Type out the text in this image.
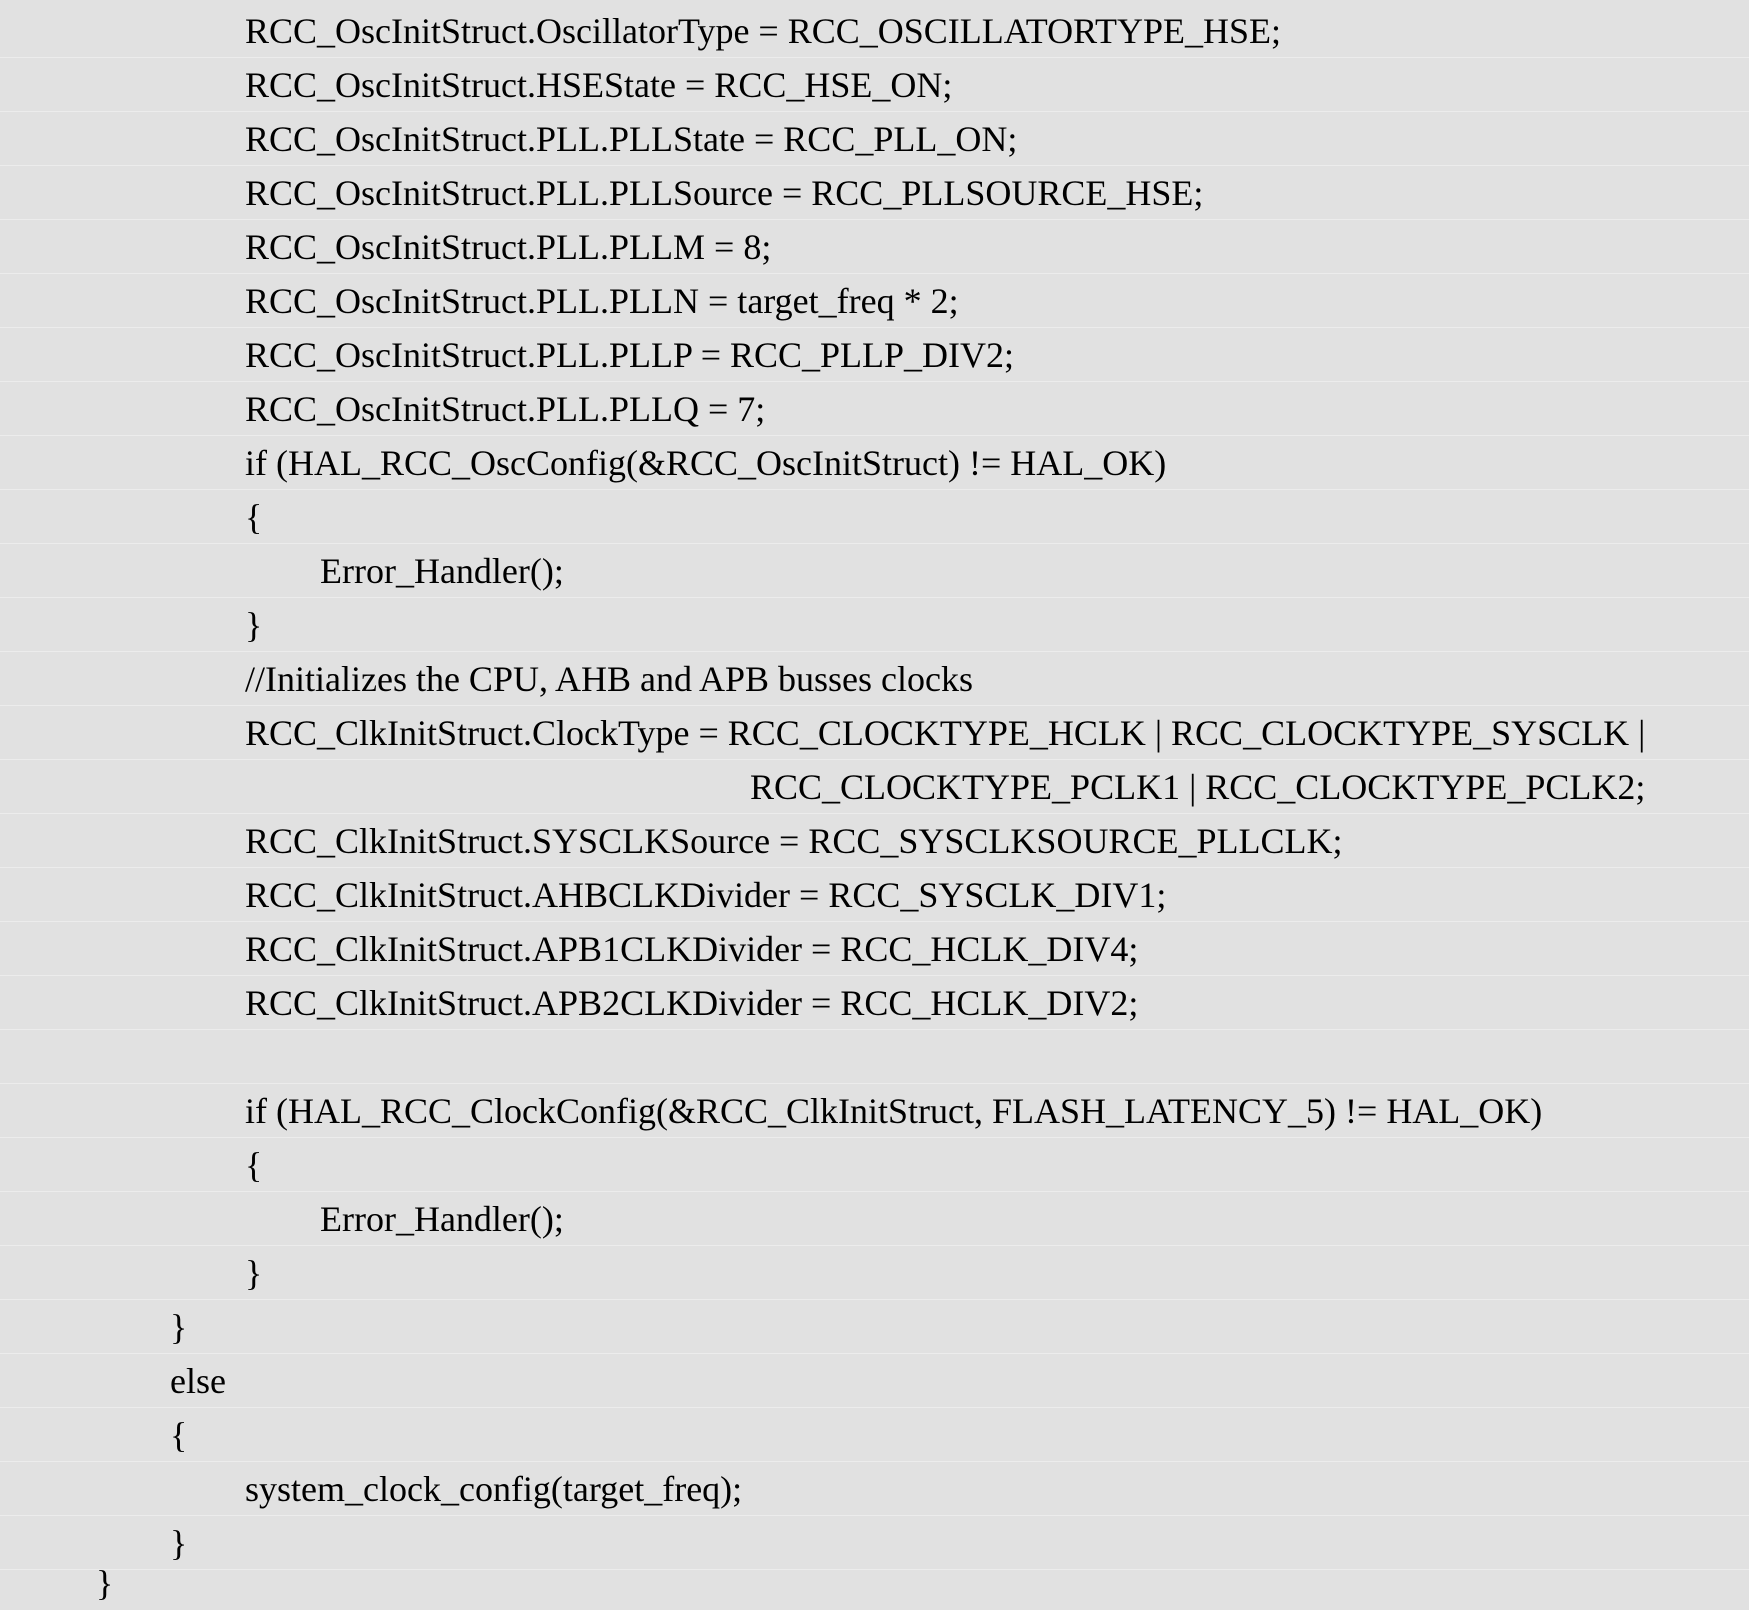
RCC_OscInitStruct.OscillatorType = RCC_OSCILLATORTYPE_HSE;
RCC_OscInitStruct.HSEState = RCC_HSE_ON;
RCC_OscInitStruct.PLL.PLLState = RCC_PLL_ON;
RCC_OscInitStruct.PLL.PLLSource = RCC_PLLSOURCE_HSE;
RCC_OscInitStruct.PLL.PLLM = 8;
RCC_OscInitStruct.PLL.PLLN = target_freq * 2;
RCC_OscInitStruct.PLL.PLLP = RCC_PLLP_DIV2;
RCC_OscInitStruct.PLL.PLLQ = 7;
if (HAL_RCC_OscConfig(&RCC_OscInitStruct) != HAL_OK)
{
Error_Handler();
}
//Initializes the CPU, AHB and APB busses clocks
RCC_ClkInitStruct.ClockType = RCC_CLOCKTYPE_HCLK | RCC_CLOCKTYPE_SYSCLK |
RCC_CLOCKTYPE_PCLK1 | RCC_CLOCKTYPE_PCLK2;
RCC_ClkInitStruct.SYSCLKSource = RCC_SYSCLKSOURCE_PLLCLK;
RCC_ClkInitStruct.AHBCLKDivider = RCC_SYSCLK_DIV1;
RCC_ClkInitStruct.APB1CLKDivider = RCC_HCLK_DIV4;
RCC_ClkInitStruct.APB2CLKDivider = RCC_HCLK_DIV2;
if (HAL_RCC_ClockConfig(&RCC_ClkInitStruct, FLASH_LATENCY_5) != HAL_OK)
{
Error_Handler();
}
}
else
{
system_clock_config(target_freq);
}
}
